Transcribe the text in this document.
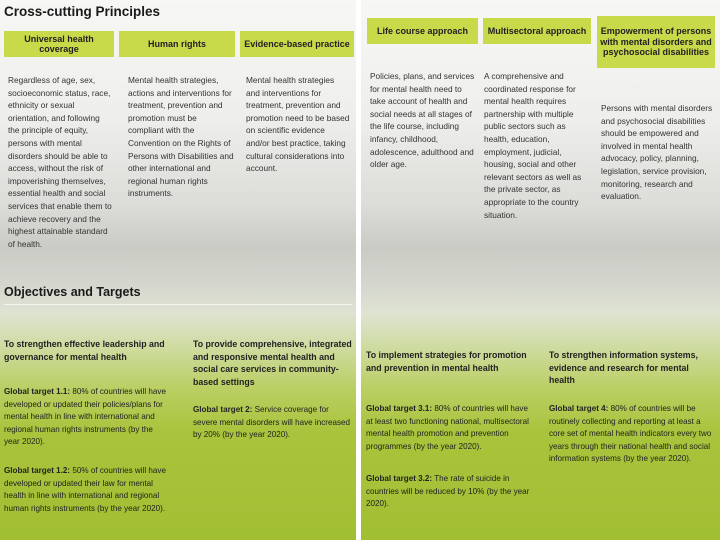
Cross-cutting Principles
Universal health coverage
Human rights	Evidence-based practice
Regardless of age, sex, socioeconomic status, race, ethnicity or sexual orientation, and following the principle of equity, persons with mental disorders should be able to access, without the risk of impoverishing themselves, essential health and social services that enable them to achieve recovery and the highest attainable standard of health.
Mental health strategies, actions and interventions for treatment, prevention and promotion must be compliant with the Convention on the Rights of Persons with Disabilities and other international and regional human rights instruments.
Mental health strategies and interventions for treatment, prevention and promotion need to be based on scientific evidence and/or best practice, taking cultural considerations into account.
Objectives and Targets
To strengthen effective leadership and governance for mental health
To provide comprehensive, integrated and responsive mental health and social care services in community-based settings
Global target 1.1: 80% of countries will have developed or updated their policies/plans for mental health in line with international and regional human rights instruments (by the year 2020).
Global target 1.2: 50% of countries will have developed or updated their law for mental health in line with international and regional human rights instruments (by the year 2020).
Global target 2: Service coverage for severe mental disorders will have increased by 20% (by the year 2020).
Life course approach	Multisectoral approach	Empowerment of persons with mental disorders and psychosocial disabilities
Policies, plans, and services for mental health need to take account of health and social needs at all stages of the life course, including infancy, childhood, adolescence, adulthood and older age.
A comprehensive and coordinated response for mental health requires partnership with multiple public sectors such as health, education, employment, judicial, housing, social and other relevant sectors as well as the private sector, as appropriate to the country situation.
Persons with mental disorders and psychosocial disabilities should be empowered and involved in mental health advocacy, policy, planning, legislation, service provision, monitoring, research and evaluation.
To implement strategies for promotion and prevention in mental health
To strengthen information systems, evidence and research for mental health
Global target 3.1: 80% of countries will have at least two functioning national, multisectoral mental health promotion and prevention programmes (by the year 2020).
Global target 3.2: The rate of suicide in countries will be reduced by 10% (by the year 2020).
Global target 4: 80% of countries will be routinely collecting and reporting at least a core set of mental health indicators every two years through their national health and social information systems (by the year 2020).
